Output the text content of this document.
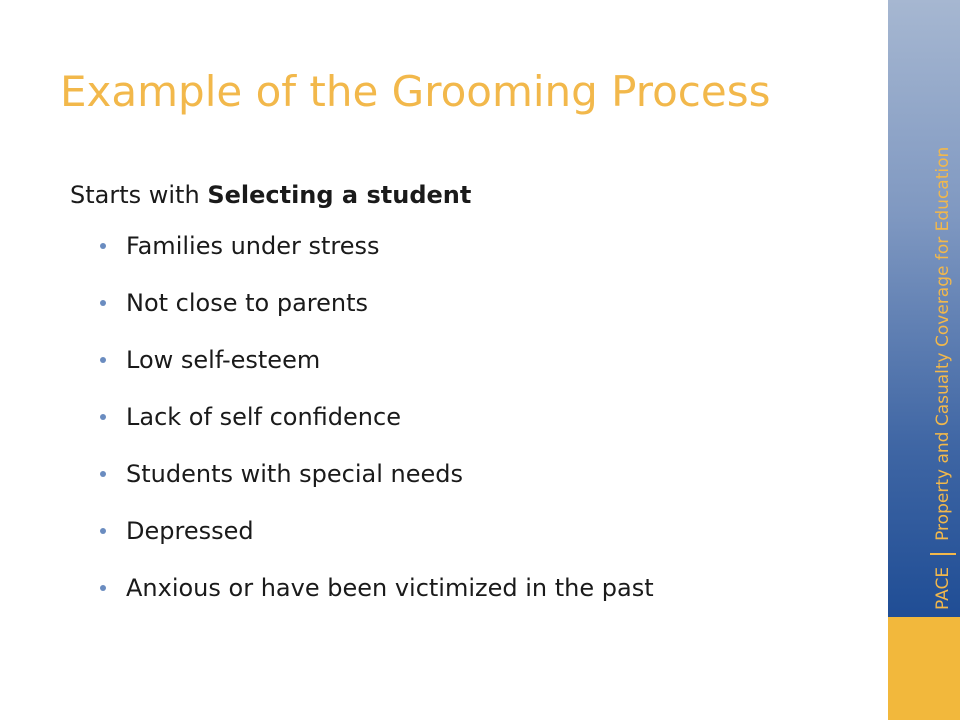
Example of the Grooming Process
Starts with Selecting a student
Families under stress
Not close to parents
Low self-esteem
Lack of self confidence
Students with special needs
Depressed
Anxious or have been victimized in the past	PACE
Property and Casualty Coverage for Education
